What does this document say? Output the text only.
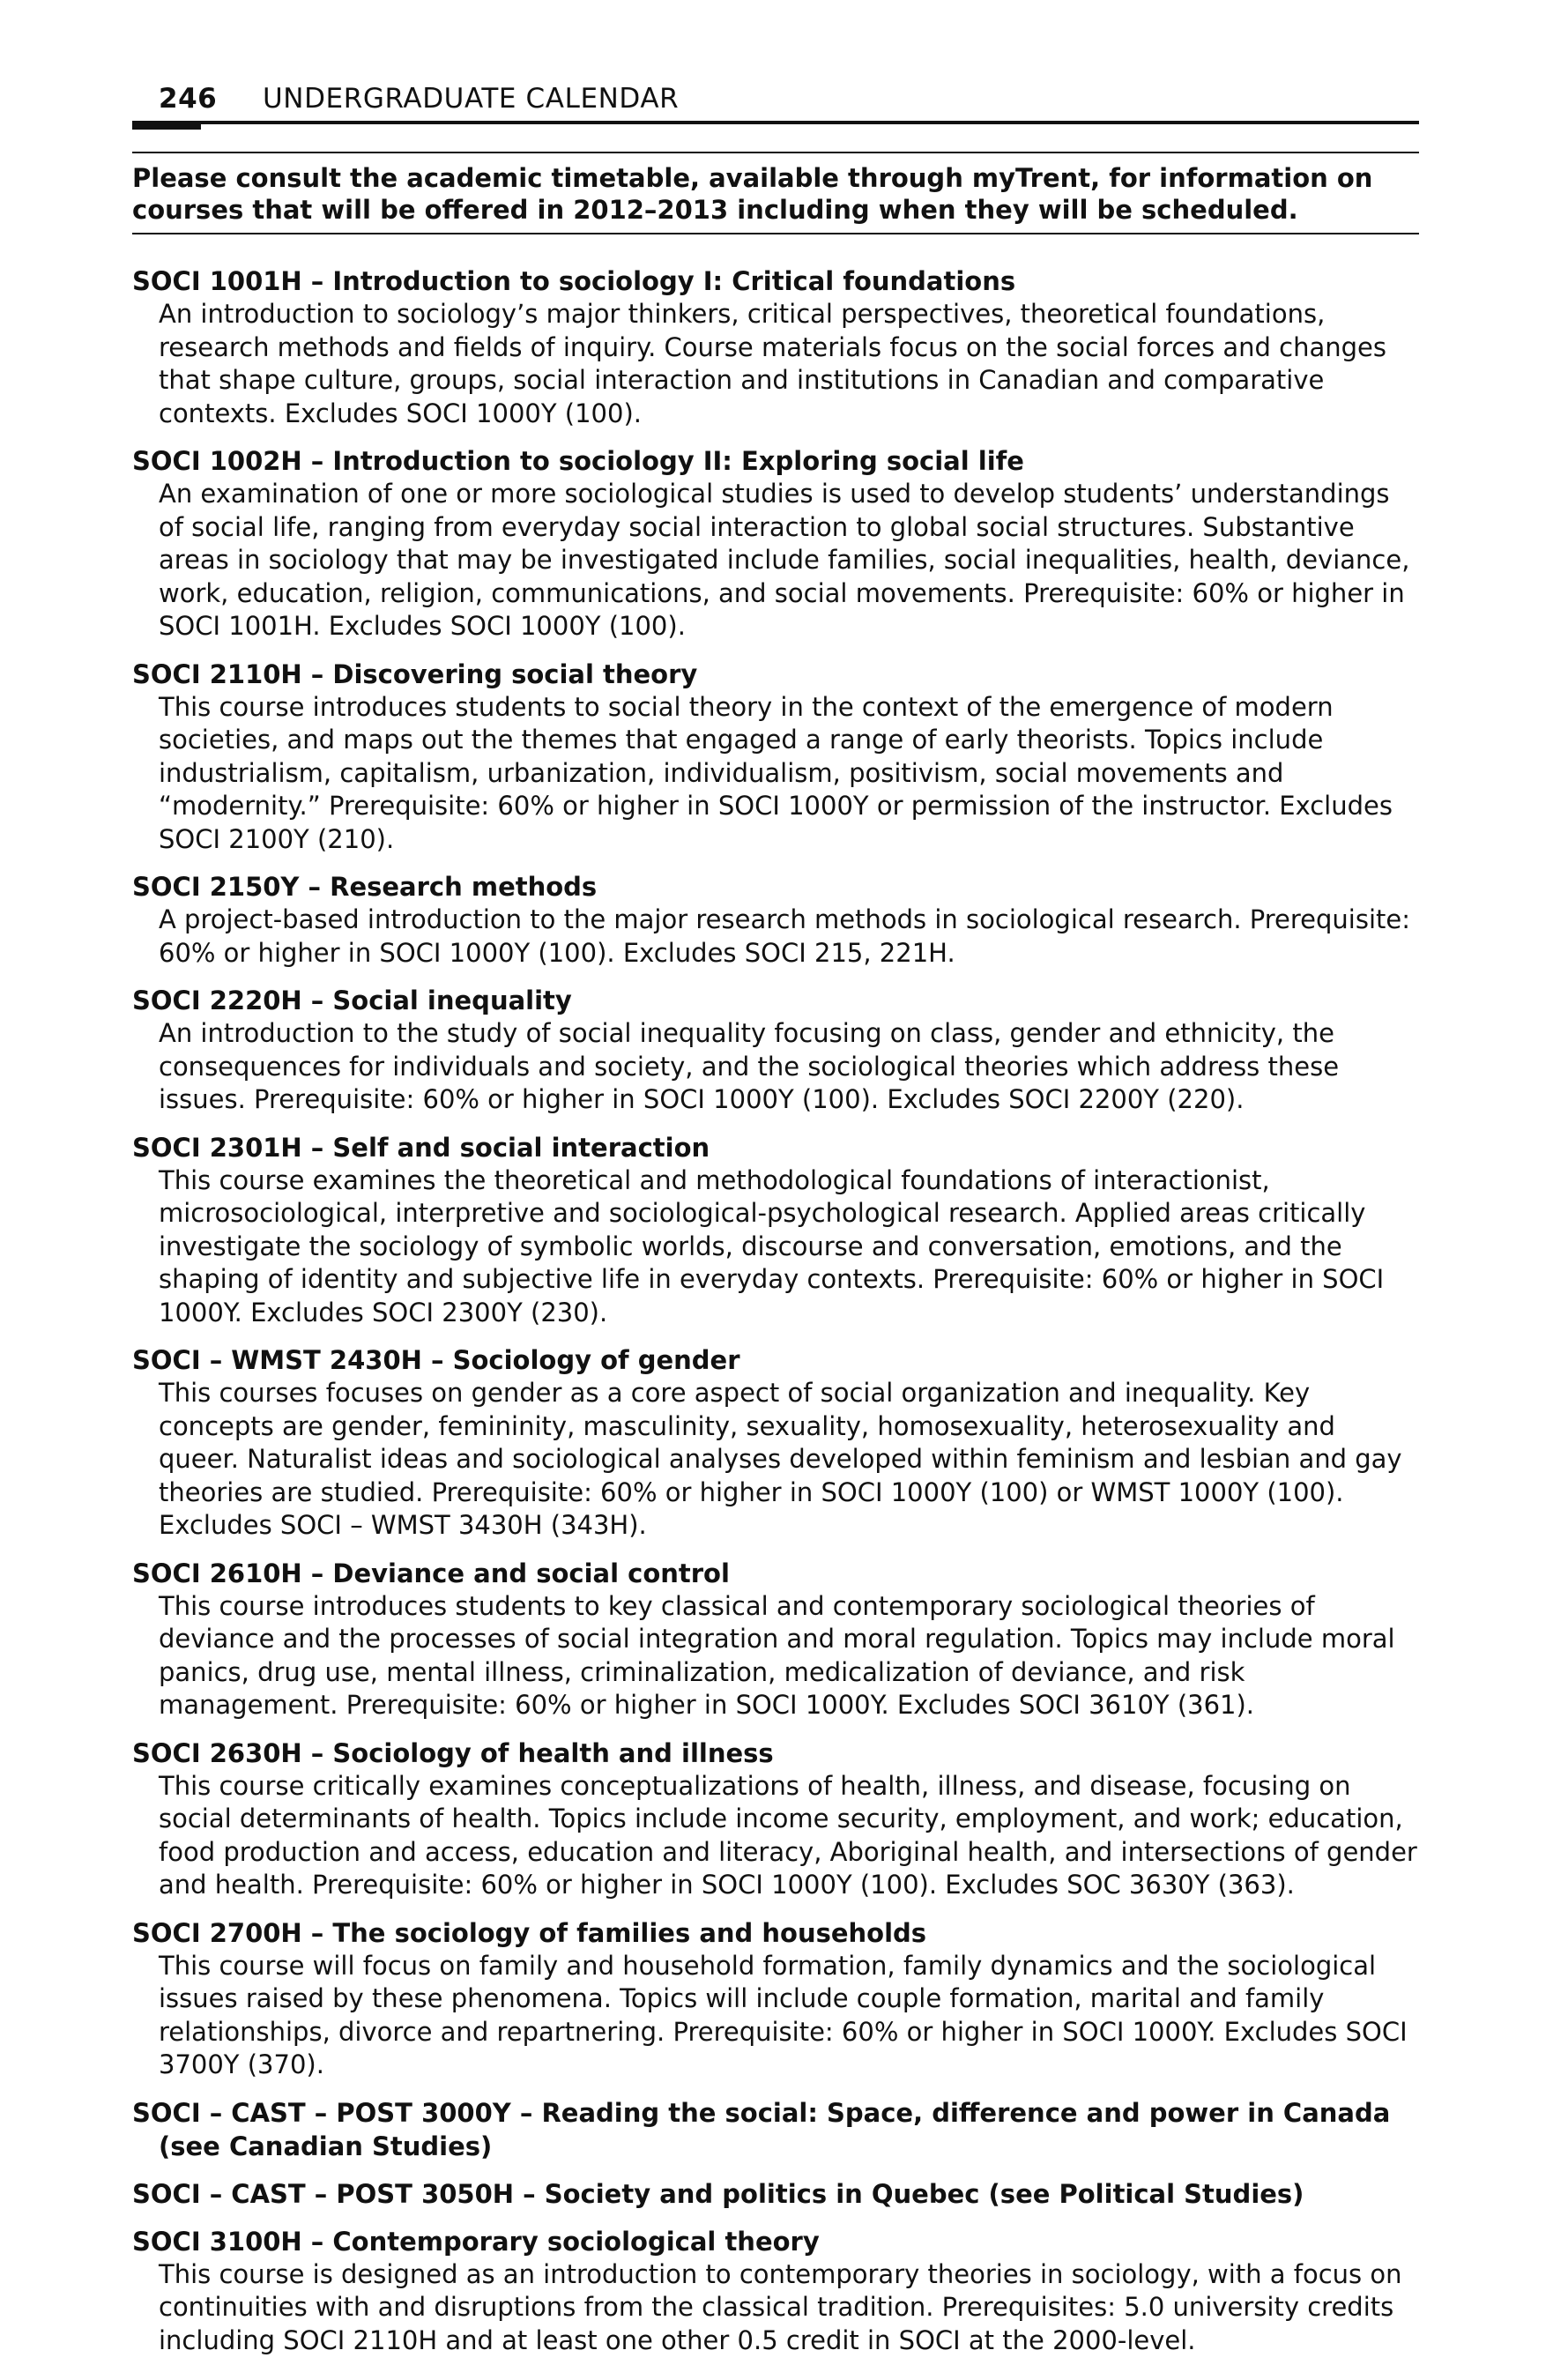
246 UNDERGRADUATE CALENDAR
Please consult the academic timetable, available through myTrent, for information on courses that will be offered in 2012–2013 including when they will be scheduled.
SOCI 1001H – Introduction to sociology I: Critical foundations
An introduction to sociology’s major thinkers, critical perspectives, theoretical foundations, research methods and fields of inquiry. Course materials focus on the social forces and changes that shape culture, groups, social interaction and institutions in Canadian and comparative contexts. Excludes SOCI 1000Y (100).
SOCI 1002H – Introduction to sociology II: Exploring social life
An examination of one or more sociological studies is used to develop students’ understandings of social life, ranging from everyday social interaction to global social structures. Substantive areas in sociology that may be investigated include families, social inequalities, health, deviance, work, education, religion, communications, and social movements. Prerequisite: 60% or higher in SOCI 1001H. Excludes SOCI 1000Y (100).
SOCI 2110H – Discovering social theory
This course introduces students to social theory in the context of the emergence of modern societies, and maps out the themes that engaged a range of early theorists. Topics include industrialism, capitalism, urbanization, individualism, positivism, social movements and “modernity.” Prerequisite: 60% or higher in SOCI 1000Y or permission of the instructor. Excludes SOCI 2100Y (210).
SOCI 2150Y – Research methods
A project-based introduction to the major research methods in sociological research. Prerequisite: 60% or higher in SOCI 1000Y (100). Excludes SOCI 215, 221H.
SOCI 2220H – Social inequality
An introduction to the study of social inequality focusing on class, gender and ethnicity, the consequences for individuals and society, and the sociological theories which address these issues. Prerequisite: 60% or higher in SOCI 1000Y (100). Excludes SOCI 2200Y (220).
SOCI 2301H – Self and social interaction
This course examines the theoretical and methodological foundations of interactionist, microsociological, interpretive and sociological-psychological research. Applied areas critically investigate the sociology of symbolic worlds, discourse and conversation, emotions, and the shaping of identity and subjective life in everyday contexts. Prerequisite: 60% or higher in SOCI 1000Y. Excludes SOCI 2300Y (230).
SOCI – WMST 2430H – Sociology of gender
This courses focuses on gender as a core aspect of social organization and inequality. Key concepts are gender, femininity, masculinity, sexuality, homosexuality, heterosexuality and queer. Naturalist ideas and sociological analyses developed within feminism and lesbian and gay theories are studied. Prerequisite: 60% or higher in SOCI 1000Y (100) or WMST 1000Y (100). Excludes SOCI – WMST 3430H (343H).
SOCI 2610H – Deviance and social control
This course introduces students to key classical and contemporary sociological theories of deviance and the processes of social integration and moral regulation. Topics may include moral panics, drug use, mental illness, criminalization, medicalization of deviance, and risk management. Prerequisite: 60% or higher in SOCI 1000Y. Excludes SOCI 3610Y (361).
SOCI 2630H – Sociology of health and illness
This course critically examines conceptualizations of health, illness, and disease, focusing on social determinants of health. Topics include income security, employment, and work; education, food production and access, education and literacy, Aboriginal health, and intersections of gender and health. Prerequisite: 60% or higher in SOCI 1000Y (100). Excludes SOC 3630Y (363).
SOCI 2700H – The sociology of families and households
This course will focus on family and household formation, family dynamics and the sociological issues raised by these phenomena. Topics will include couple formation, marital and family relationships, divorce and repartnering. Prerequisite: 60% or higher in SOCI 1000Y. Excludes SOCI 3700Y (370).
SOCI – CAST – POST 3000Y – Reading the social: Space, difference and power in Canada (see Canadian Studies)
SOCI – CAST – POST 3050H – Society and politics in Quebec (see Political Studies)
SOCI 3100H – Contemporary sociological theory
This course is designed as an introduction to contemporary theories in sociology, with a focus on continuities with and disruptions from the classical tradition. Prerequisites: 5.0 university credits including SOCI 2110H and at least one other 0.5 credit in SOCI at the 2000-level.
